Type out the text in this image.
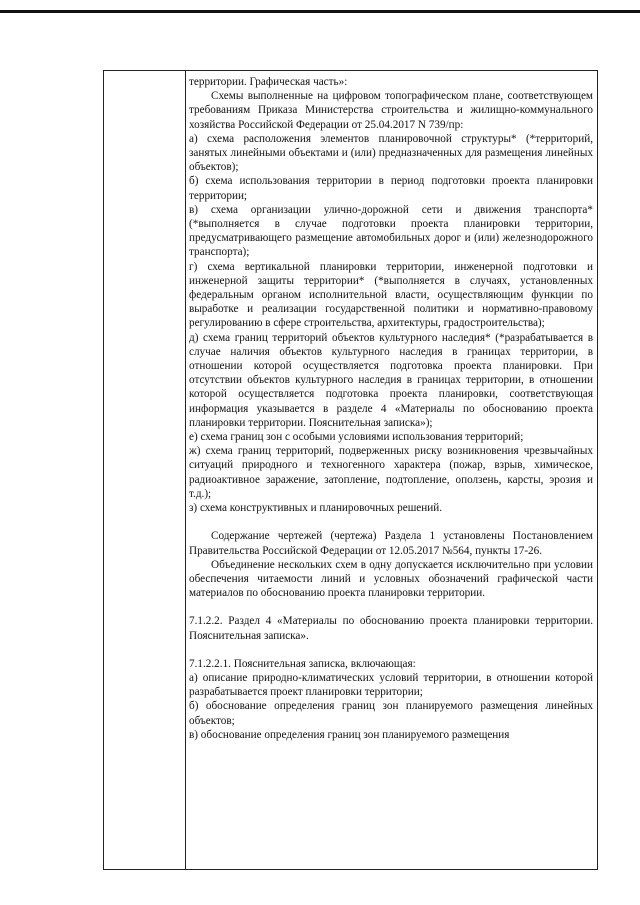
территории. Графическая часть»:

Схемы выполненные на цифровом топографическом плане, соответствующем требованиям Приказа Министерства строительства и жилищно-коммунального хозяйства Российской Федерации от 25.04.2017 N 739/пр:

а) схема расположения элементов планировочной структуры* (*территорий, занятых линейными объектами и (или) предназначенных для размещения линейных объектов);

б) схема использования территории в период подготовки проекта планировки территории;

в) схема организации улично-дорожной сети и движения транспорта* (*выполняется в случае подготовки проекта планировки территории, предусматривающего размещение автомобильных дорог и (или) железнодорожного транспорта);

г) схема вертикальной планировки территории, инженерной подготовки и инженерной защиты территории* (*выполняется в случаях, установленных федеральным органом исполнительной власти, осуществляющим функции по выработке и реализации государственной политики и нормативно-правовому регулированию в сфере строительства, архитектуры, градостроительства);

д) схема границ территорий объектов культурного наследия* (*разрабатывается в случае наличия объектов культурного наследия в границах территории, в отношении которой осуществляется подготовка проекта планировки. При отсутствии объектов культурного наследия в границах территории, в отношении которой осуществляется подготовка проекта планировки, соответствующая информация указывается в разделе 4 «Материалы по обоснованию проекта планировки территории. Пояснительная записка»);

е) схема границ зон с особыми условиями использования территорий;

ж) схема границ территорий, подверженных риску возникновения чрезвычайных ситуаций природного и техногенного характера (пожар, взрыв, химическое, радиоактивное заражение, затопление, подтопление, оползень, карсты, эрозия и т.д.);

з) схема конструктивных и планировочных решений.

Содержание чертежей (чертежа) Раздела 1 установлены Постановлением Правительства Российской Федерации от 12.05.2017 №564, пункты 17-26.

Объединение нескольких схем в одну допускается исключительно при условии обеспечения читаемости линий и условных обозначений графической части материалов по обоснованию проекта планировки территории.

7.1.2.2. Раздел 4 «Материалы по обоснованию проекта планировки территории. Пояснительная записка».

7.1.2.2.1. Пояснительная записка, включающая:

а) описание природно-климатических условий территории, в отношении которой разрабатывается проект планировки территории;

б) обоснование определения границ зон планируемого размещения линейных объектов;

в) обоснование определения границ зон планируемого размещения
